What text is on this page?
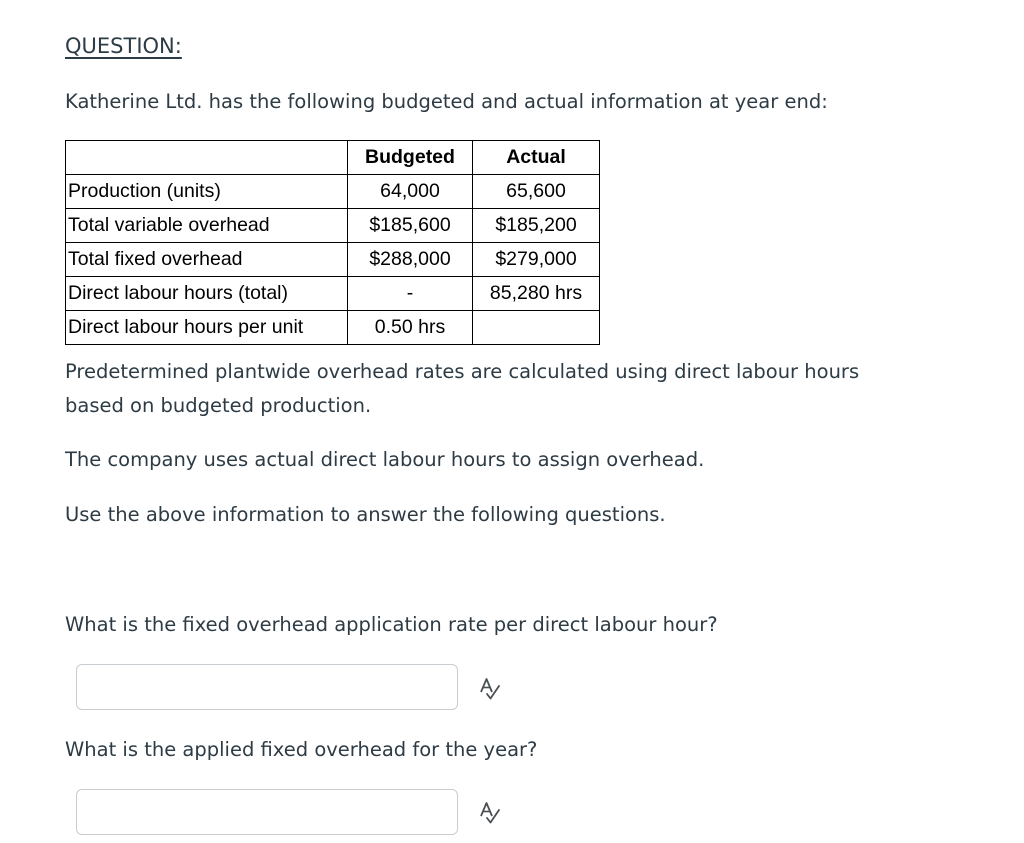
QUESTION:

Katherine Ltd. has the following budgeted and actual information at year end:

	Budgeted	Actual
Production (units)	64,000	65,600
Total variable overhead	$185,600	$185,200
Total fixed overhead	$288,000	$279,000
Direct labour hours (total)	-	85,280 hrs
Direct labour hours per unit	0.50 hrs	

Predetermined plantwide overhead rates are calculated using direct labour hours based on budgeted production.

The company uses actual direct labour hours to assign overhead.

Use the above information to answer the following questions.

What is the fixed overhead application rate per direct labour hour?

What is the applied fixed overhead for the year?
